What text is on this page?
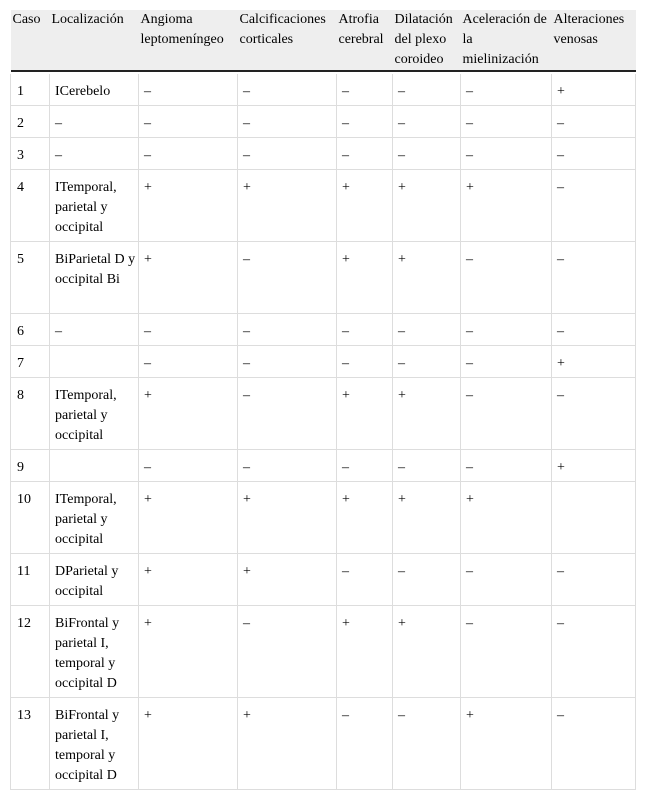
Caso	Localización	Angioma leptomeníngeo	Calcificaciones corticales	Atrofia cerebral	Dilatación del plexo coroideo	Aceleración de la mielinización	Alteraciones venosas

1	ICerebelo	–	–	–	–	–	+
2	–	–	–	–	–	–	–
3	–	–	–	–	–	–	–
4	ITemporal, parietal y occipital	+	+	+	+	+	–
5	BiParietal D y occipital Bi	+	–	+	+	–	–
6	–	–	–	–	–	–	–
7		–	–	–	–	–	+
8	ITemporal, parietal y occipital	+	–	+	+	–	–
9		–	–	–	–	–	+
10	ITemporal, parietal y occipital	+	+	+	+	+	
11	DParietal y occipital	+	+	–	–	–	–
12	BiFrontal y parietal I, temporal y occipital D	+	–	+	+	–	–
13	BiFrontal y parietal I, temporal y occipital D	+	+	–	–	+	–
